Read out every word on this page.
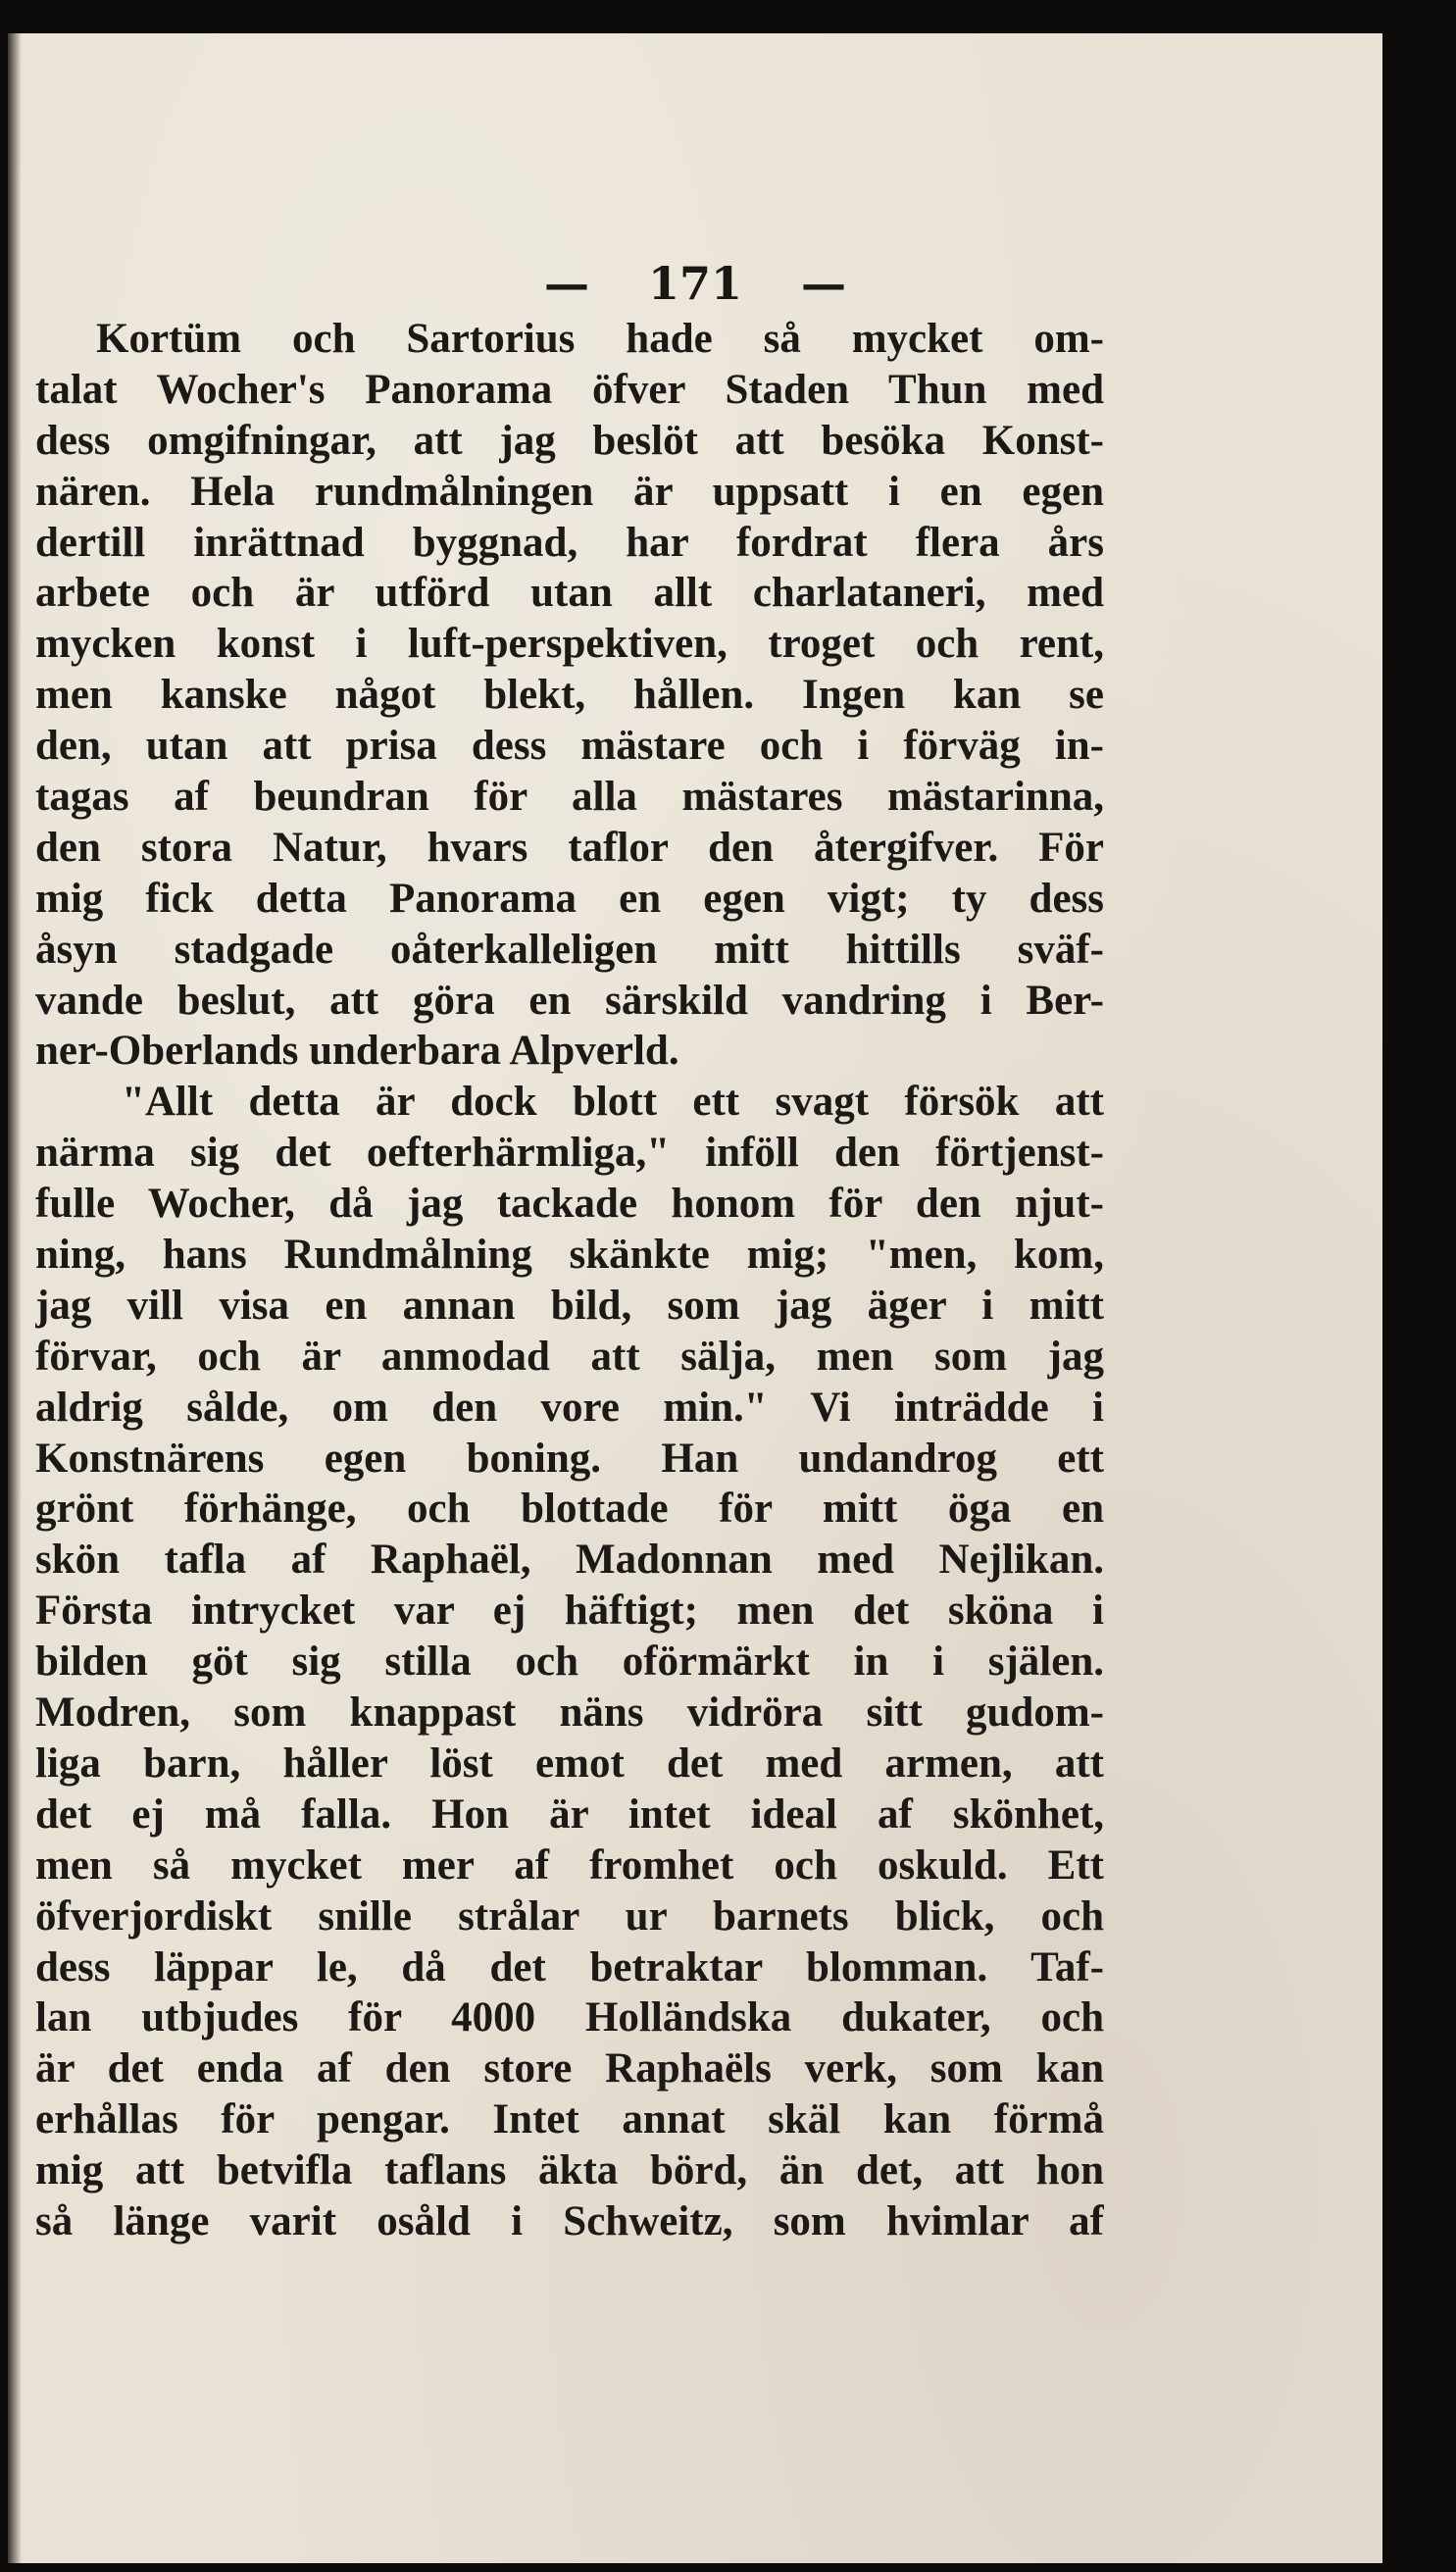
— 171 —
Kortüm och Sartorius hade så mycket om-
talat Wocher's Panorama öfver Staden Thun med
dess omgifningar, att jag beslöt att besöka Konst-
nären. Hela rundmålningen är uppsatt i en egen
dertill inrättnad byggnad, har fordrat flera års
arbete och är utförd utan allt charlataneri, med
mycken konst i luft-perspektiven, troget och rent,
men kanske något blekt, hållen. Ingen kan se
den, utan att prisa dess mästare och i förväg in-
tagas af beundran för alla mästares mästarinna,
den stora Natur, hvars taflor den återgifver. För
mig fick detta Panorama en egen vigt; ty dess
åsyn stadgade oåterkalleligen mitt hittills sväf-
vande beslut, att göra en särskild vandring i Ber-
ner-Oberlands underbara Alpverld.
"Allt detta är dock blott ett svagt försök att
närma sig det oefterhärmliga," inföll den förtjenst-
fulle Wocher, då jag tackade honom för den njut-
ning, hans Rundmålning skänkte mig; "men, kom,
jag vill visa en annan bild, som jag äger i mitt
förvar, och är anmodad att sälja, men som jag
aldrig sålde, om den vore min." Vi inträdde i
Konstnärens egen boning. Han undandrog ett
grönt förhänge, och blottade för mitt öga en
skön tafla af Raphaël, Madonnan med Nejlikan.
Första intrycket var ej häftigt; men det sköna i
bilden göt sig stilla och oförmärkt in i själen.
Modren, som knappast näns vidröra sitt gudom-
liga barn, håller löst emot det med armen, att
det ej må falla. Hon är intet ideal af skönhet,
men så mycket mer af fromhet och oskuld. Ett
öfverjordiskt snille strålar ur barnets blick, och
dess läppar le, då det betraktar blomman. Taf-
lan utbjudes för 4000 Holländska dukater, och
är det enda af den store Raphaëls verk, som kan
erhållas för pengar. Intet annat skäl kan förmå
mig att betvifla taflans äkta börd, än det, att hon
så länge varit osåld i Schweitz, som hvimlar af
